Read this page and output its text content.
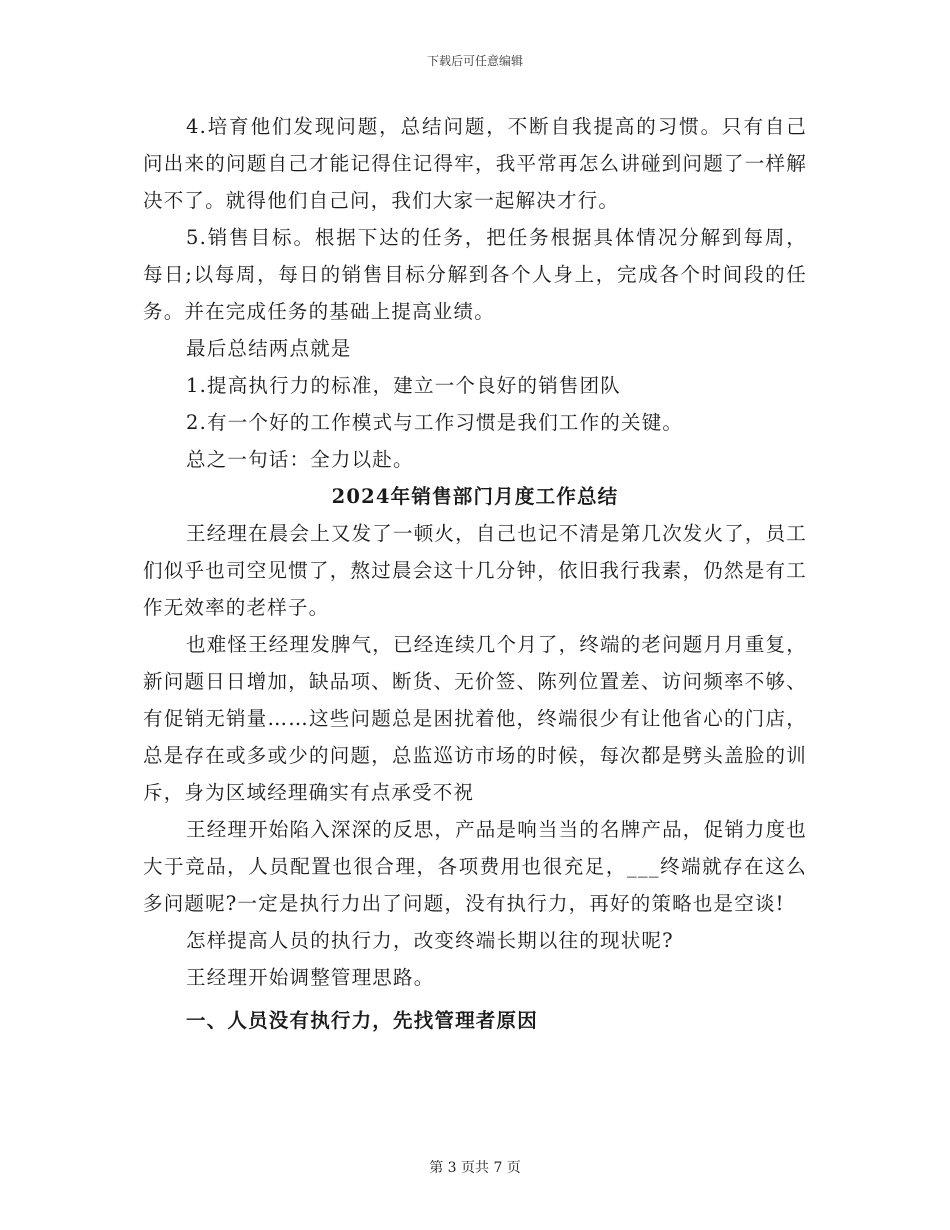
下载后可任意编辑

4.培育他们发现问题，总结问题，不断自我提高的习惯。只有自己问出来的问题自己才能记得住记得牢，我平常再怎么讲碰到问题了一样解决不了。就得他们自己问，我们大家一起解决才行。

5.销售目标。根据下达的任务，把任务根据具体情况分解到每周，每日;以每周，每日的销售目标分解到各个人身上，完成各个时间段的任务。并在完成任务的基础上提高业绩。

最后总结两点就是

1.提高执行力的标准，建立一个良好的销售团队

2.有一个好的工作模式与工作习惯是我们工作的关键。

总之一句话：全力以赴。

2024年销售部门月度工作总结

王经理在晨会上又发了一顿火，自己也记不清是第几次发火了，员工们似乎也司空见惯了，熬过晨会这十几分钟，依旧我行我素，仍然是有工作无效率的老样子。

也难怪王经理发脾气，已经连续几个月了，终端的老问题月月重复，新问题日日增加，缺品项、断货、无价签、陈列位置差、访问频率不够、有促销无销量……这些问题总是困扰着他，终端很少有让他省心的门店，总是存在或多或少的问题，总监巡访市场的时候，每次都是劈头盖脸的训斥，身为区域经理确实有点承受不祝

王经理开始陷入深深的反思，产品是响当当的名牌产品，促销力度也大于竞品，人员配置也很合理，各项费用也很充足，___终端就存在这么多问题呢?一定是执行力出了问题，没有执行力，再好的策略也是空谈!

怎样提高人员的执行力，改变终端长期以往的现状呢?

王经理开始调整管理思路。

一、人员没有执行力，先找管理者原因

第 3 页共 7 页
